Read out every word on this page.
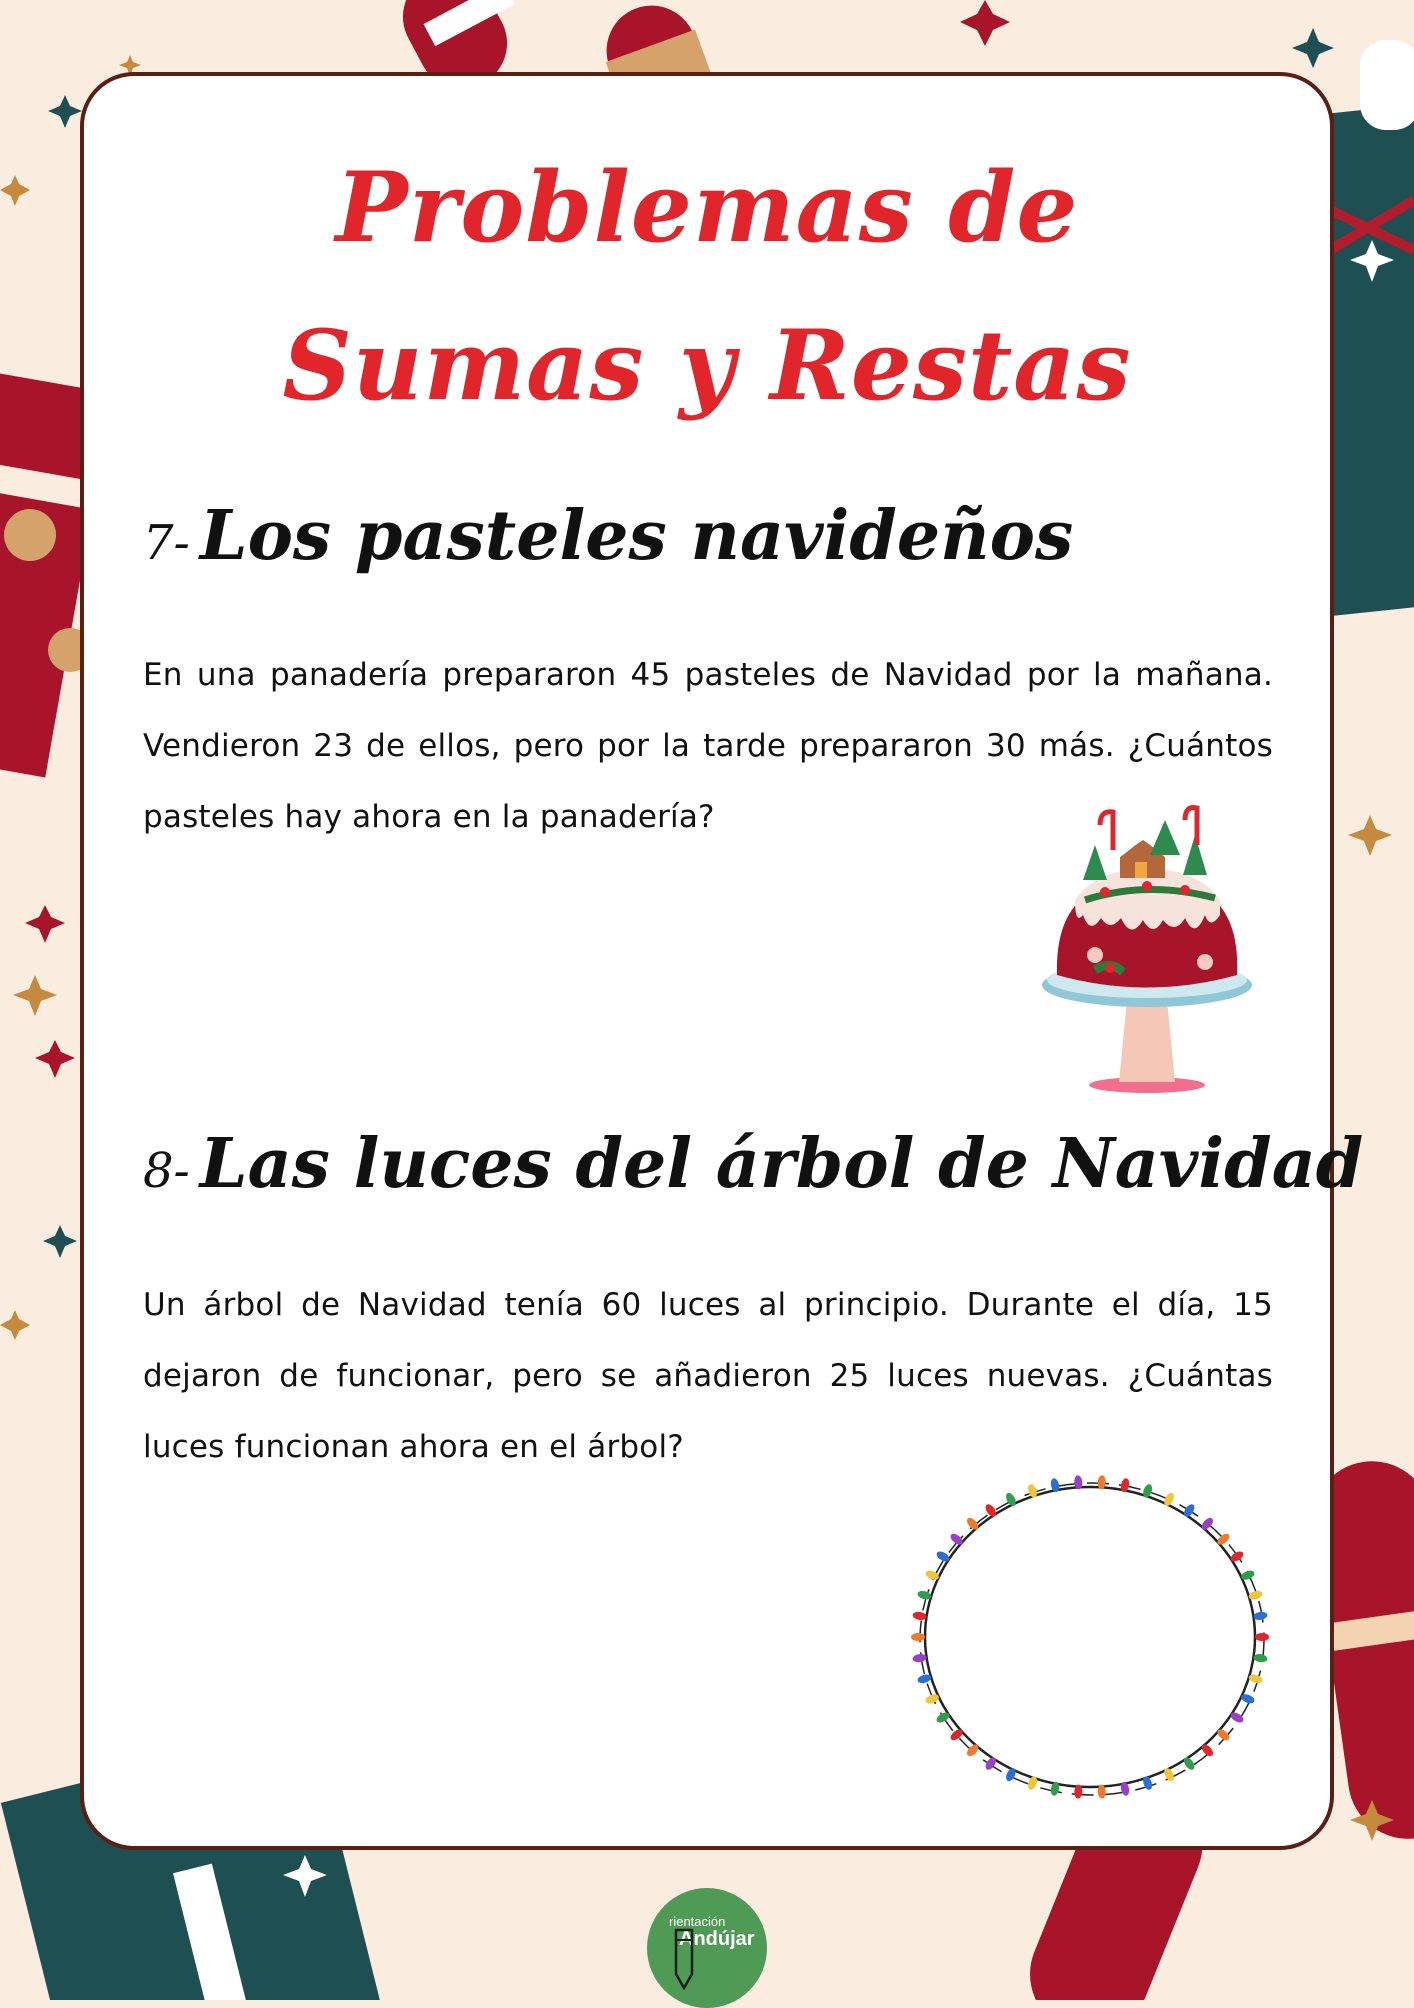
Problemas de
Sumas y Restas
7- Los pasteles navideños
En una panadería prepararon 45 pasteles de Navidad por la mañana. Vendieron 23 de ellos, pero por la tarde prepararon 30 más. ¿Cuántos pasteles hay ahora en la panadería?
8- Las luces del árbol de Navidad
Un árbol de Navidad tenía 60 luces al principio. Durante el día, 15 dejaron de funcionar, pero se añadieron 25 luces nuevas. ¿Cuántas luces funcionan ahora en el árbol?
rientación
Andújar
